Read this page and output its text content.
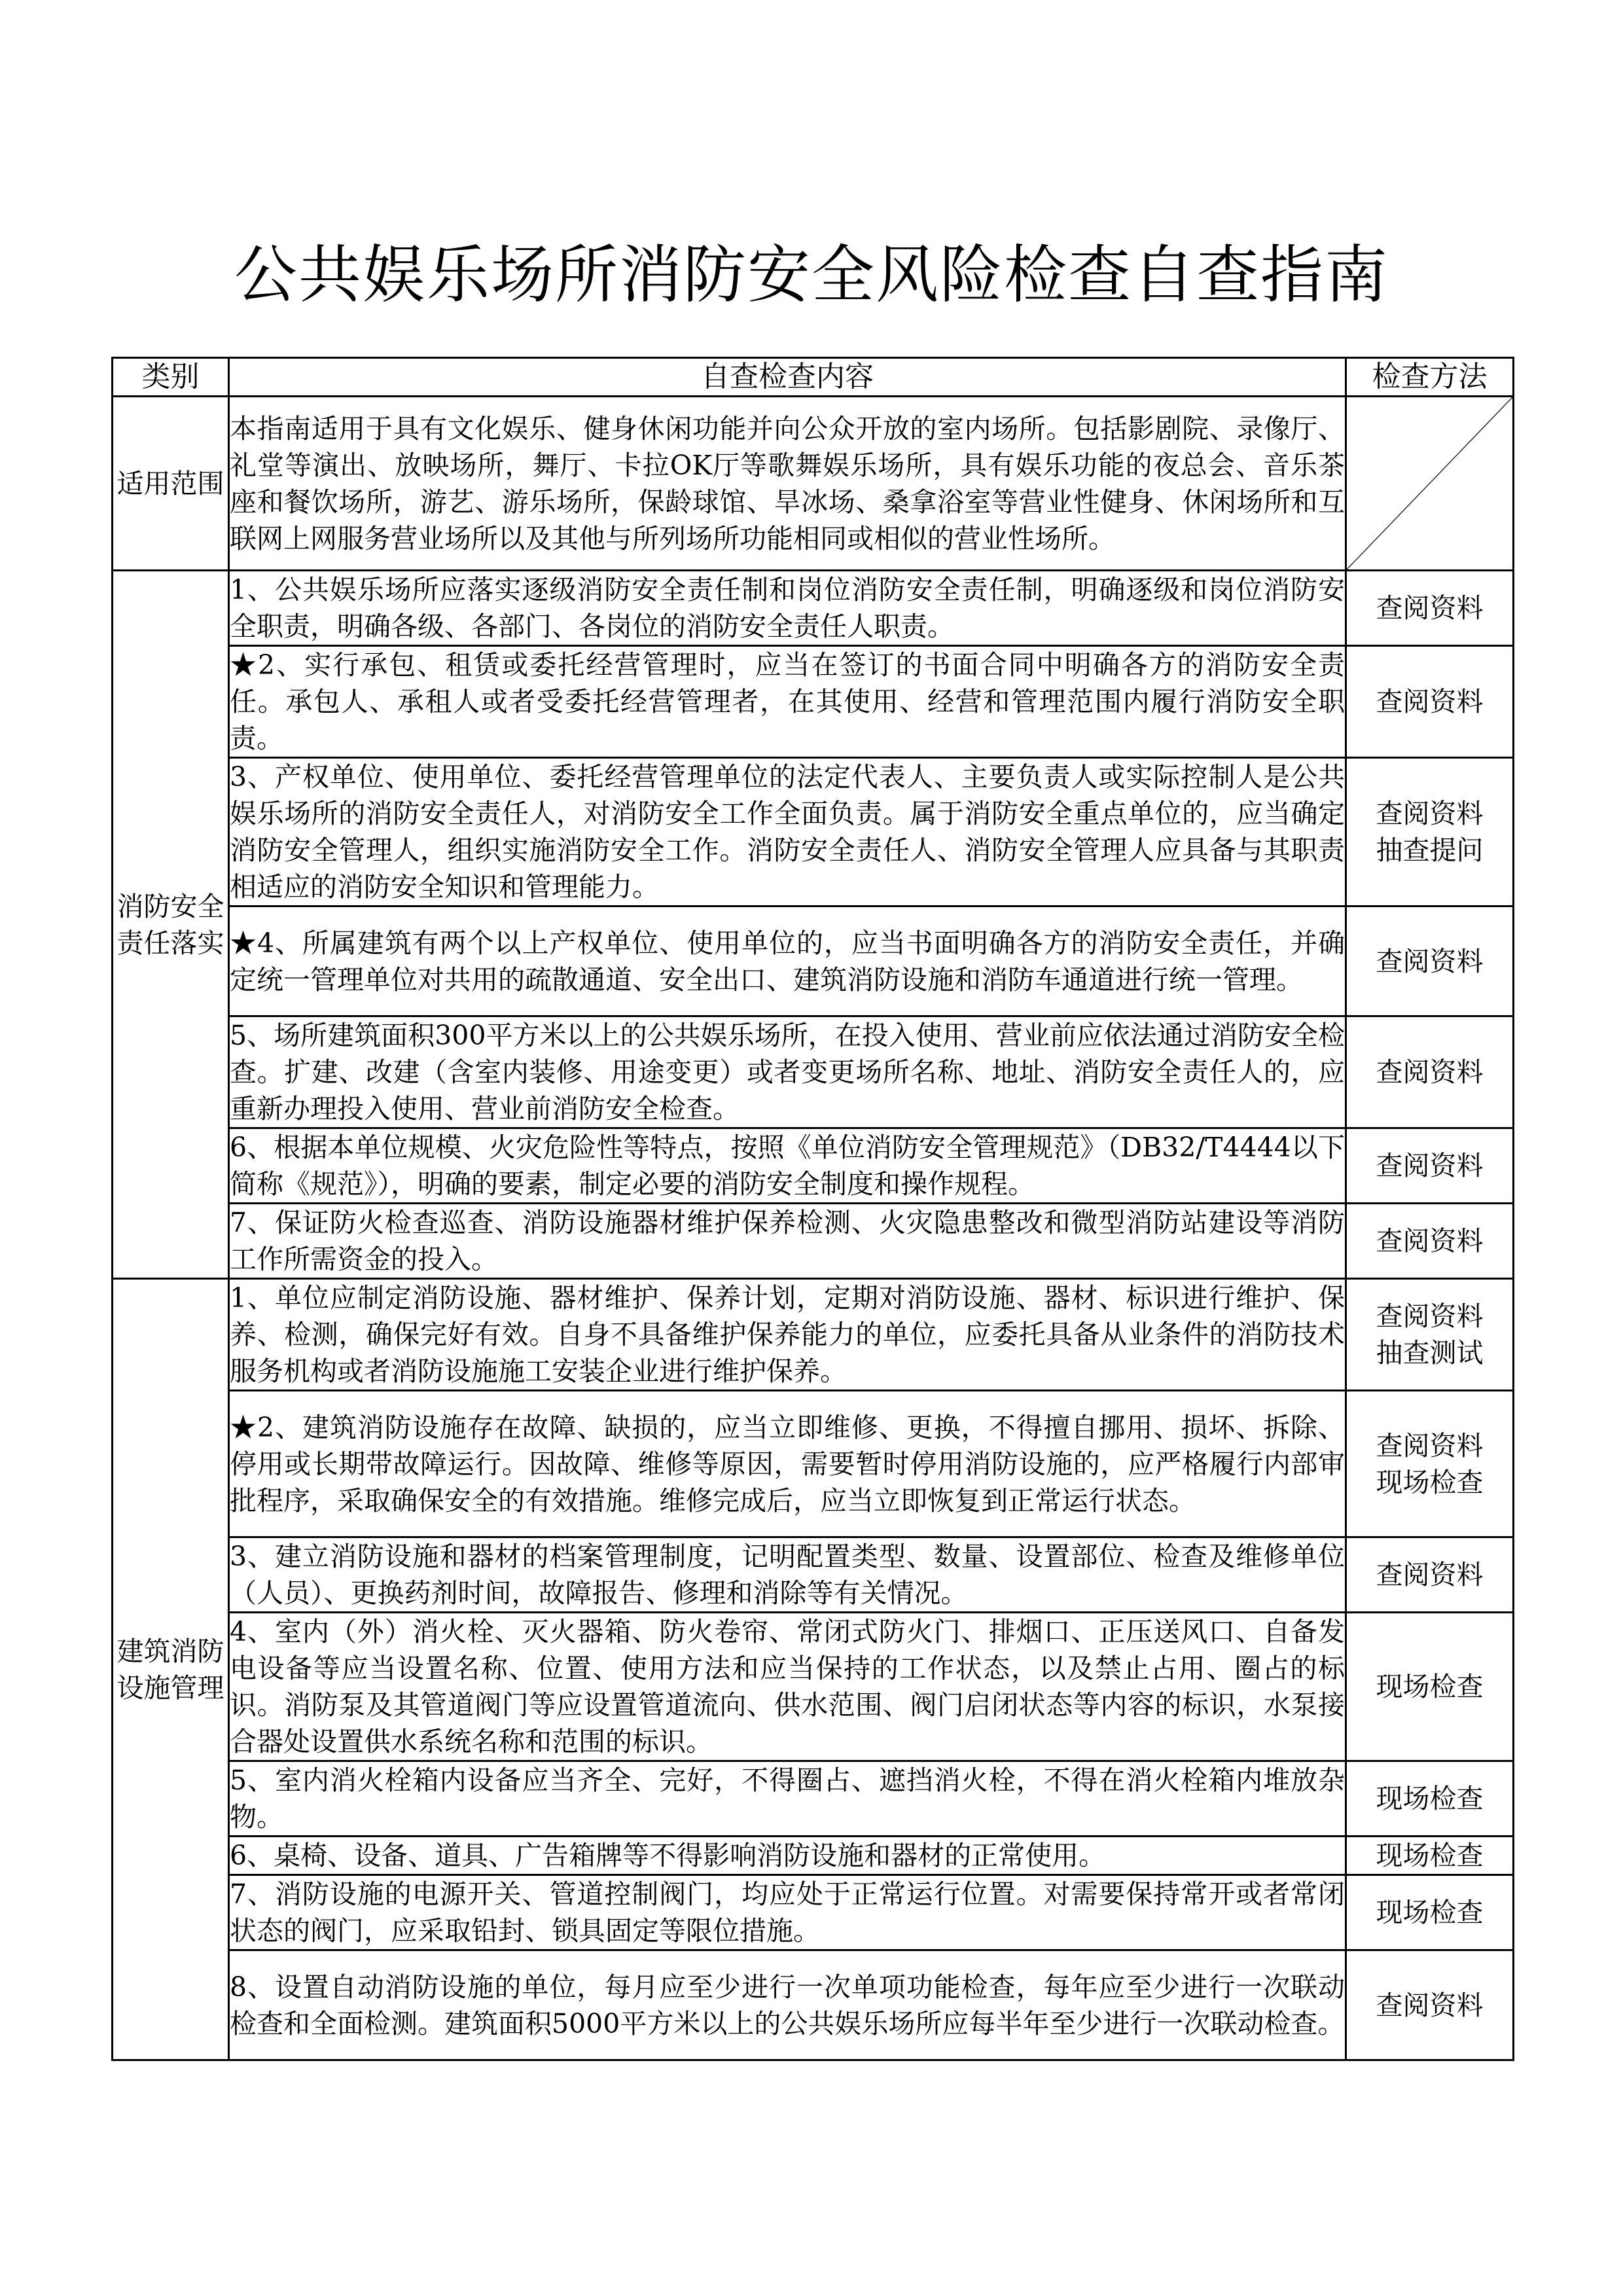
公共娱乐场所消防安全风险检查自查指南
类别	自查检查内容	检查方法
适用范围	本指南适用于具有文化娱乐、健身休闲功能并向公众开放的室内场所。包括影剧院、录像厅、礼堂等演出、放映场所，舞厅、卡拉OK厅等歌舞娱乐场所，具有娱乐功能的夜总会、音乐茶座和餐饮场所，游艺、游乐场所，保龄球馆、旱冰场、桑拿浴室等营业性健身、休闲场所和互联网上网服务营业场所以及其他与所列场所功能相同或相似的营业性场所。	

消防安全责任落实	1、公共娱乐场所应落实逐级消防安全责任制和岗位消防安全责任制，明确逐级和岗位消防安全职责，明确各级、各部门、各岗位的消防安全责任人职责。	查阅资料

	★2、实行承包、租赁或委托经营管理时，应当在签订的书面合同中明确各方的消防安全责任。承包人、承租人或者受委托经营管理者，在其使用、经营和管理范围内履行消防安全职责。	查阅资料

	3、产权单位、使用单位、委托经营管理单位的法定代表人、主要负责人或实际控制人是公共娱乐场所的消防安全责任人，对消防安全工作全面负责。属于消防安全重点单位的，应当确定消防安全管理人，组织实施消防安全工作。消防安全责任人、消防安全管理人应具备与其职责相适应的消防安全知识和管理能力。	查阅资料
抽查提问

	★4、所属建筑有两个以上产权单位、使用单位的，应当书面明确各方的消防安全责任，并确定统一管理单位对共用的疏散通道、安全出口、建筑消防设施和消防车通道进行统一管理。	查阅资料

	5、场所建筑面积300平方米以上的公共娱乐场所，在投入使用、营业前应依法通过消防安全检查。扩建、改建（含室内装修、用途变更）或者变更场所名称、地址、消防安全责任人的，应重新办理投入使用、营业前消防安全检查。	查阅资料

	6、根据本单位规模、火灾危险性等特点，按照《单位消防安全管理规范》（DB32/T4444以下简称《规范》），明确的要素，制定必要的消防安全制度和操作规程。	查阅资料

	7、保证防火检查巡查、消防设施器材维护保养检测、火灾隐患整改和微型消防站建设等消防工作所需资金的投入。	查阅资料

建筑消防设施管理	1、单位应制定消防设施、器材维护、保养计划，定期对消防设施、器材、标识进行维护、保养、检测，确保完好有效。自身不具备维护保养能力的单位，应委托具备从业条件的消防技术服务机构或者消防设施施工安装企业进行维护保养。	查阅资料
抽查测试

	★2、建筑消防设施存在故障、缺损的，应当立即维修、更换，不得擅自挪用、损坏、拆除、停用或长期带故障运行。因故障、维修等原因，需要暂时停用消防设施的，应严格履行内部审批程序，采取确保安全的有效措施。维修完成后，应当立即恢复到正常运行状态。	查阅资料
现场检查

	3、建立消防设施和器材的档案管理制度，记明配置类型、数量、设置部位、检查及维修单位（人员）、更换药剂时间，故障报告、修理和消除等有关情况。	查阅资料

	4、室内（外）消火栓、灭火器箱、防火卷帘、常闭式防火门、排烟口、正压送风口、自备发电设备等应当设置名称、位置、使用方法和应当保持的工作状态，以及禁止占用、圈占的标识。消防泵及其管道阀门等应设置管道流向、供水范围、阀门启闭状态等内容的标识，水泵接合器处设置供水系统名称和范围的标识。	现场检查

	5、室内消火栓箱内设备应当齐全、完好，不得圈占、遮挡消火栓，不得在消火栓箱内堆放杂物。	现场检查

	6、桌椅、设备、道具、广告箱牌等不得影响消防设施和器材的正常使用。	现场检查

	7、消防设施的电源开关、管道控制阀门，均应处于正常运行位置。对需要保持常开或者常闭状态的阀门，应采取铅封、锁具固定等限位措施。	现场检查

	8、设置自动消防设施的单位，每月应至少进行一次单项功能检查，每年应至少进行一次联动检查和全面检测。建筑面积5000平方米以上的公共娱乐场所应每半年至少进行一次联动检查。	查阅资料
